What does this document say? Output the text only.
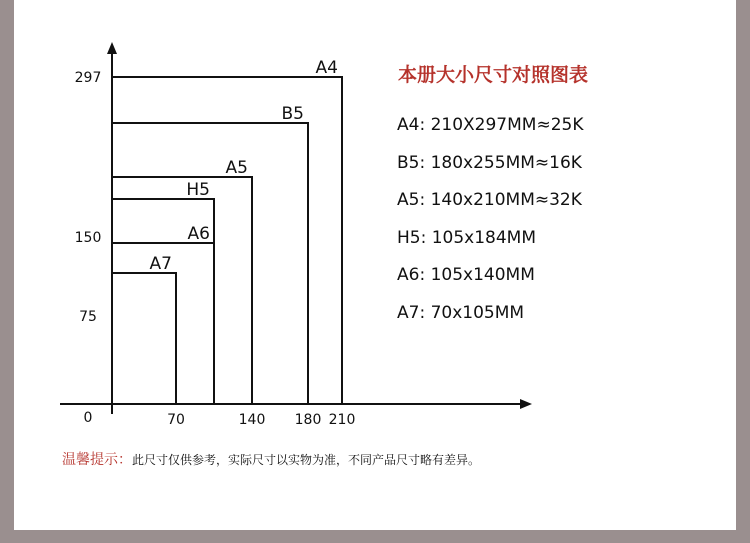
A4
B5
A5
H5
A6
A7
0	70	140 180 210
75
150
297	本册大小尺寸对照图表
A4: 210X297MM≈25K
B5: 180x255MM≈16K
A5: 140x210MM≈32K
H5: 105x184MM
A6: 105x140MM
A7: 70x105MM
温馨提示：此尺寸仅供参考，实际尺寸以实物为准，不同产品尺寸略有差异。
